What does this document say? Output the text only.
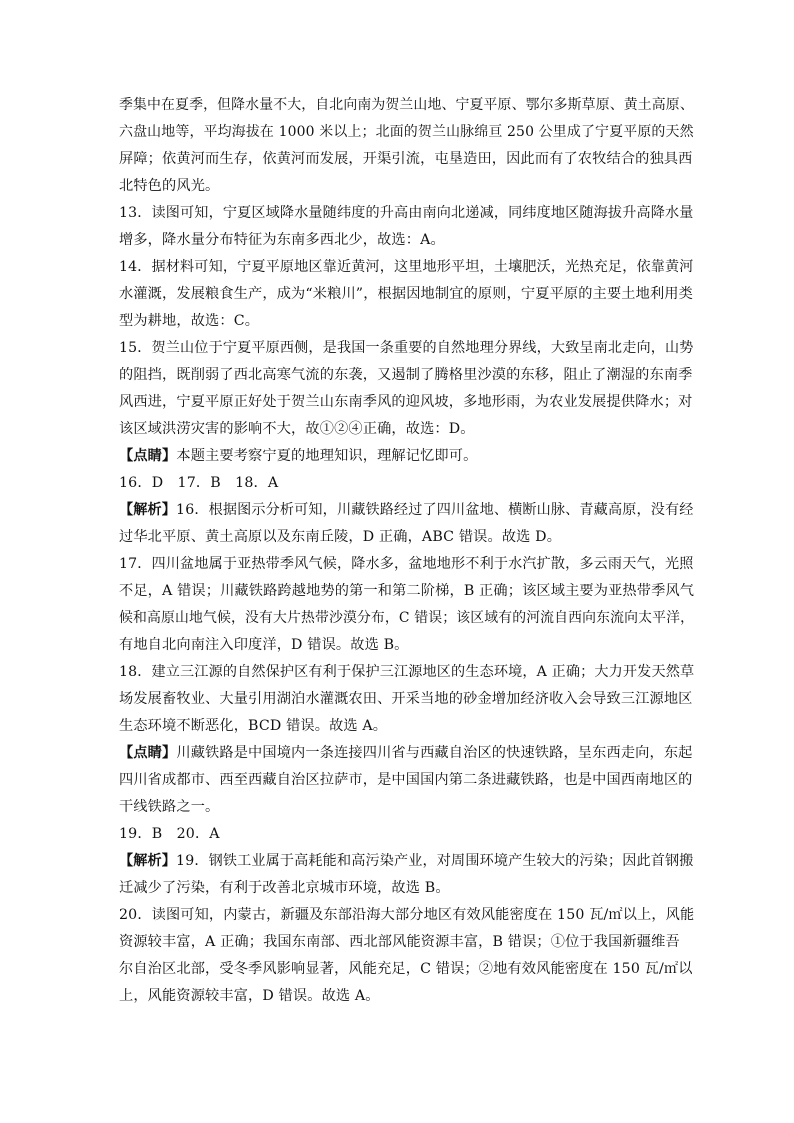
季集中在夏季，但降水量不大，自北向南为贺兰山地、宁夏平原、鄂尔多斯草原、黄土高原、
六盘山地等，平均海拔在 1000 米以上；北面的贺兰山脉绵亘 250 公里成了宁夏平原的天然
屏障；依黄河而生存，依黄河而发展，开渠引流，屯垦造田，因此而有了农牧结合的独具西
北特色的风光。
13．读图可知，宁夏区域降水量随纬度的升高由南向北递减，同纬度地区随海拔升高降水量
增多，降水量分布特征为东南多西北少，故选：A。
14．据材料可知，宁夏平原地区靠近黄河，这里地形平坦，土壤肥沃，光热充足，依靠黄河
水灌溉，发展粮食生产，成为“米粮川”，根据因地制宜的原则，宁夏平原的主要土地利用类
型为耕地，故选：C。
15．贺兰山位于宁夏平原西侧，是我国一条重要的自然地理分界线，大致呈南北走向，山势
的阻挡，既削弱了西北高寒气流的东袭，又遏制了腾格里沙漠的东移，阻止了潮湿的东南季
风西进，宁夏平原正好处于贺兰山东南季风的迎风坡，多地形雨，为农业发展提供降水；对
该区域洪涝灾害的影响不大，故①②④正确，故选：D。
【点睛】本题主要考察宁夏的地理知识，理解记忆即可。
16．D　17．B　18．A
【解析】16．根据图示分析可知，川藏铁路经过了四川盆地、横断山脉、青藏高原，没有经
过华北平原、黄土高原以及东南丘陵，D 正确，ABC 错误。故选 D。
17．四川盆地属于亚热带季风气候，降水多，盆地地形不利于水汽扩散，多云雨天气，光照
不足，A 错误；川藏铁路跨越地势的第一和第二阶梯，B 正确；该区域主要为亚热带季风气
候和高原山地气候，没有大片热带沙漠分布，C 错误；该区域有的河流自西向东流向太平洋，
有地自北向南注入印度洋，D 错误。故选 B。
18．建立三江源的自然保护区有利于保护三江源地区的生态环境，A 正确；大力开发天然草
场发展畜牧业、大量引用湖泊水灌溉农田、开采当地的砂金增加经济收入会导致三江源地区
生态环境不断恶化，BCD 错误。故选 A。
【点睛】川藏铁路是中国境内一条连接四川省与西藏自治区的快速铁路，呈东西走向，东起
四川省成都市、西至西藏自治区拉萨市，是中国国内第二条进藏铁路，也是中国西南地区的
干线铁路之一。
19．B　20．A
【解析】19．钢铁工业属于高耗能和高污染产业，对周围环境产生较大的污染；因此首钢搬
迁减少了污染，有利于改善北京城市环境，故选 B。
20．读图可知，内蒙古，新疆及东部沿海大部分地区有效风能密度在 150 瓦/㎡以上，风能
资源较丰富，A 正确；我国东南部、西北部风能资源丰富，B 错误；①位于我国新疆维吾
尔自治区北部，受冬季风影响显著，风能充足，C 错误；②地有效风能密度在 150 瓦/㎡以
上，风能资源较丰富，D 错误。故选 A。
